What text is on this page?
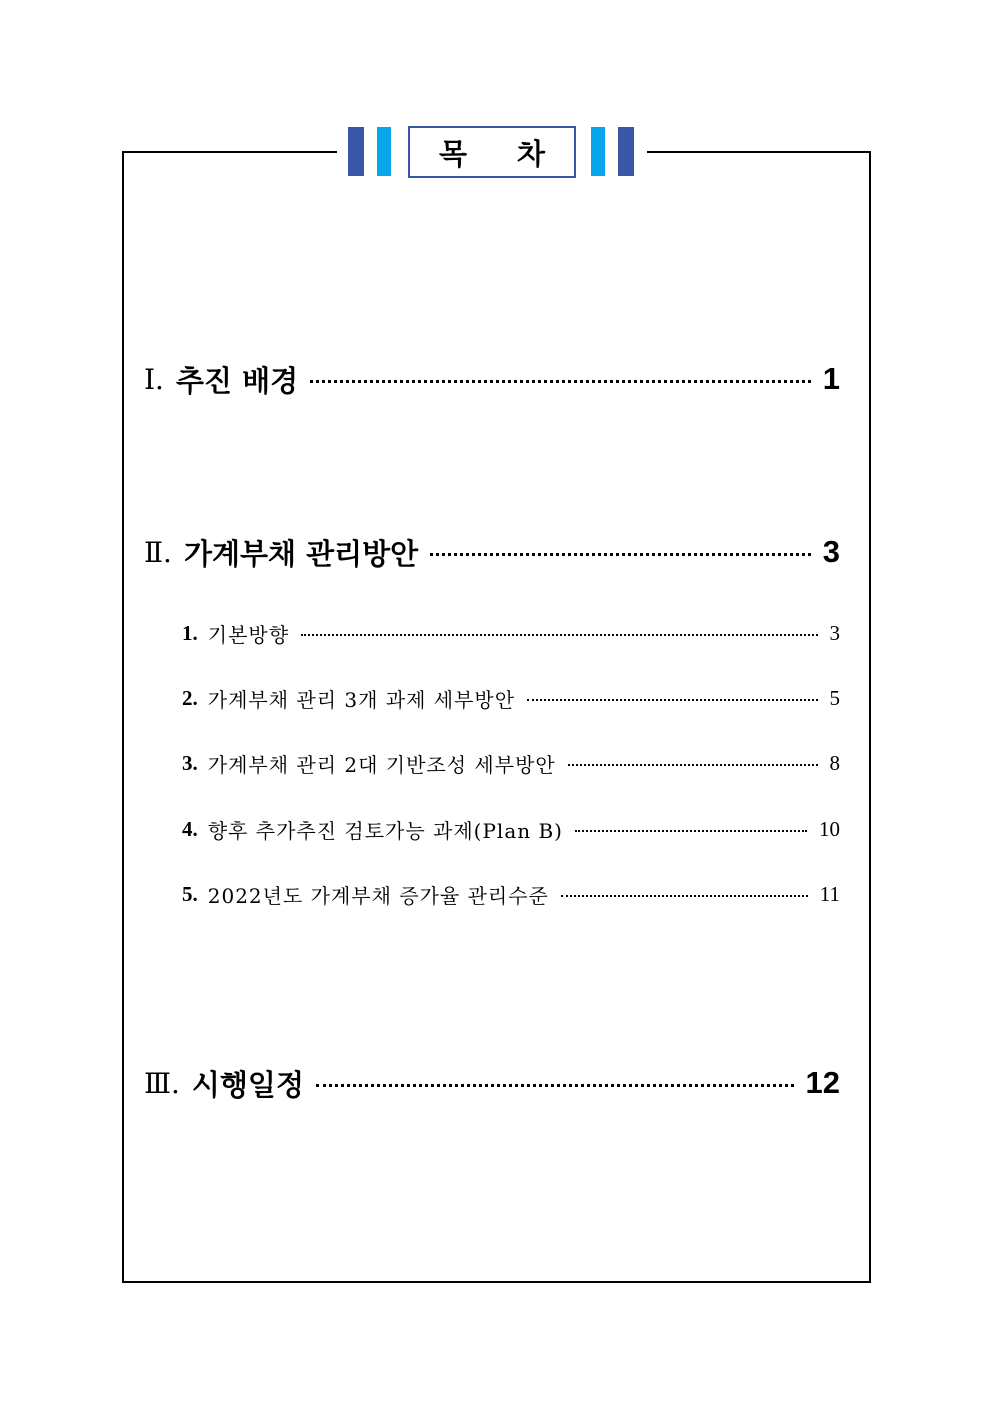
목 차
Ⅰ. 추진 배경	1
Ⅱ. 가계부채 관리방안	3
1. 기본방향	3
2. 가계부채 관리 3개 과제 세부방안	5
3. 가계부채 관리 2대 기반조성 세부방안	8
4. 향후 추가추진 검토가능 과제(Plan B)	10
5. 2022년도 가계부채 증가율 관리수준	11
Ⅲ. 시행일정	12
